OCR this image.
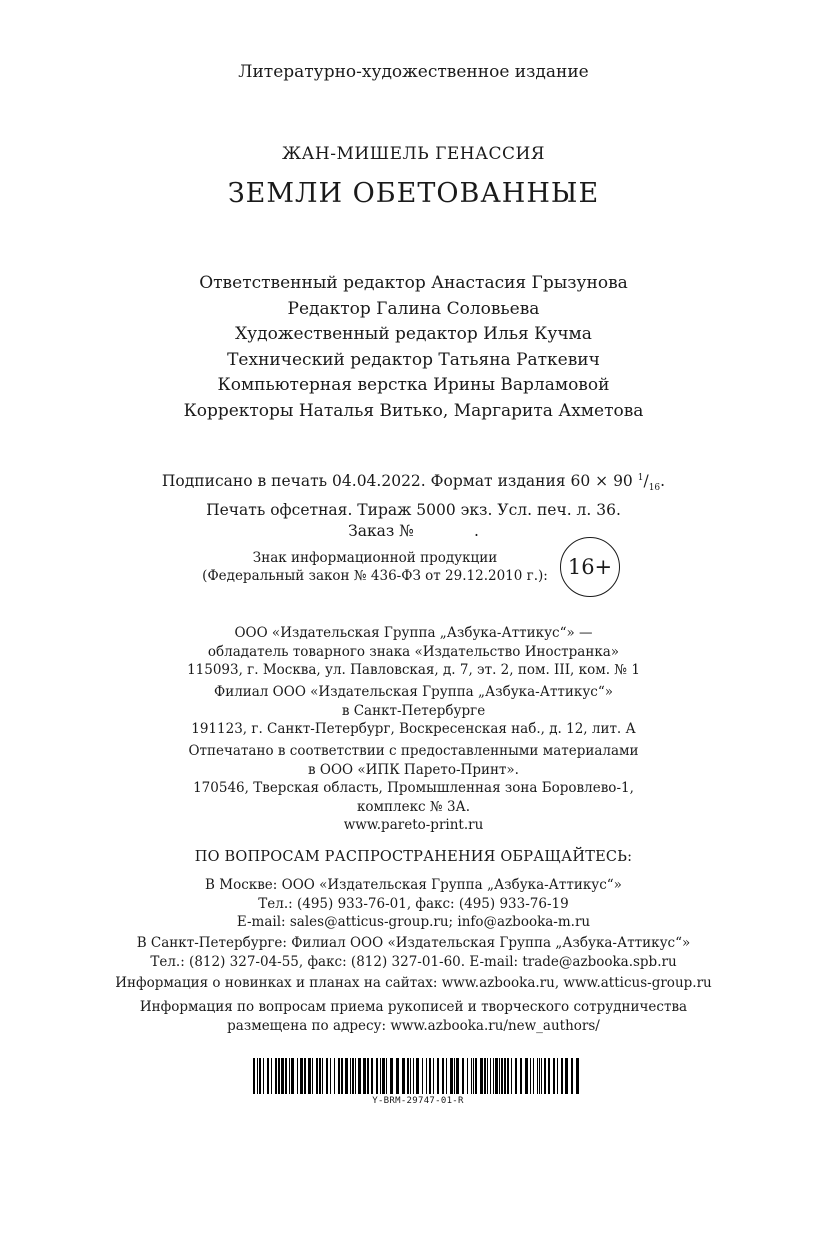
Литературно-художественное издание
ЖАН-МИШЕЛЬ ГЕНАССИЯ
ЗЕМЛИ ОБЕТОВАННЫЕ
Ответственный редактор Анастасия Грызунова
Редактор Галина Соловьева
Художественный редактор Илья Кучма
Технический редактор Татьяна Раткевич
Компьютерная верстка Ирины Варламовой
Корректоры Наталья Витько, Маргарита Ахметова
Подписано в печать 04.04.2022. Формат издания 60 × 90 $^1/_{16}$.
Печать офсетная. Тираж 5000 экз. Усл. печ. л. 36.
Заказ №	.
Знак информационной продукции
(Федеральный закон № 436-ФЗ от 29.12.2010 г.): 16+
ООО «Издательская Группа „Азбука-Аттикус“» —
обладатель товарного знака «Издательство Иностранка»
115093, г. Москва, ул. Павловская, д. 7, эт. 2, пом. III, ком. № 1
Филиал ООО «Издательская Группа „Азбука-Аттикус“»
в Санкт-Петербурге
191123, г. Санкт-Петербург, Воскресенская наб., д. 12, лит. А
Отпечатано в соответствии с предоставленными материалами
в ООО «ИПК Парето-Принт».
170546, Тверская область, Промышленная зона Боровлево-1,
комплекс № 3А.
www.pareto-print.ru
ПО ВОПРОСАМ РАСПРОСТРАНЕНИЯ ОБРАЩАЙТЕСЬ:
В Москве: ООО «Издательская Группа „Азбука-Аттикус“»
Тел.: (495) 933-76-01, факс: (495) 933-76-19
E-mail: sales@atticus-group.ru; info@azbooka-m.ru
В Санкт-Петербурге: Филиал ООО «Издательская Группа „Азбука-Аттикус“»
Тел.: (812) 327-04-55, факс: (812) 327-01-60. E-mail: trade@azbooka.spb.ru
Информация о новинках и планах на сайтах: www.azbooka.ru, www.atticus-group.ru
Информация по вопросам приема рукописей и творческого сотрудничества
размещена по адресу: www.azbooka.ru/new_authors/
Y-BRM-29747-01-R
